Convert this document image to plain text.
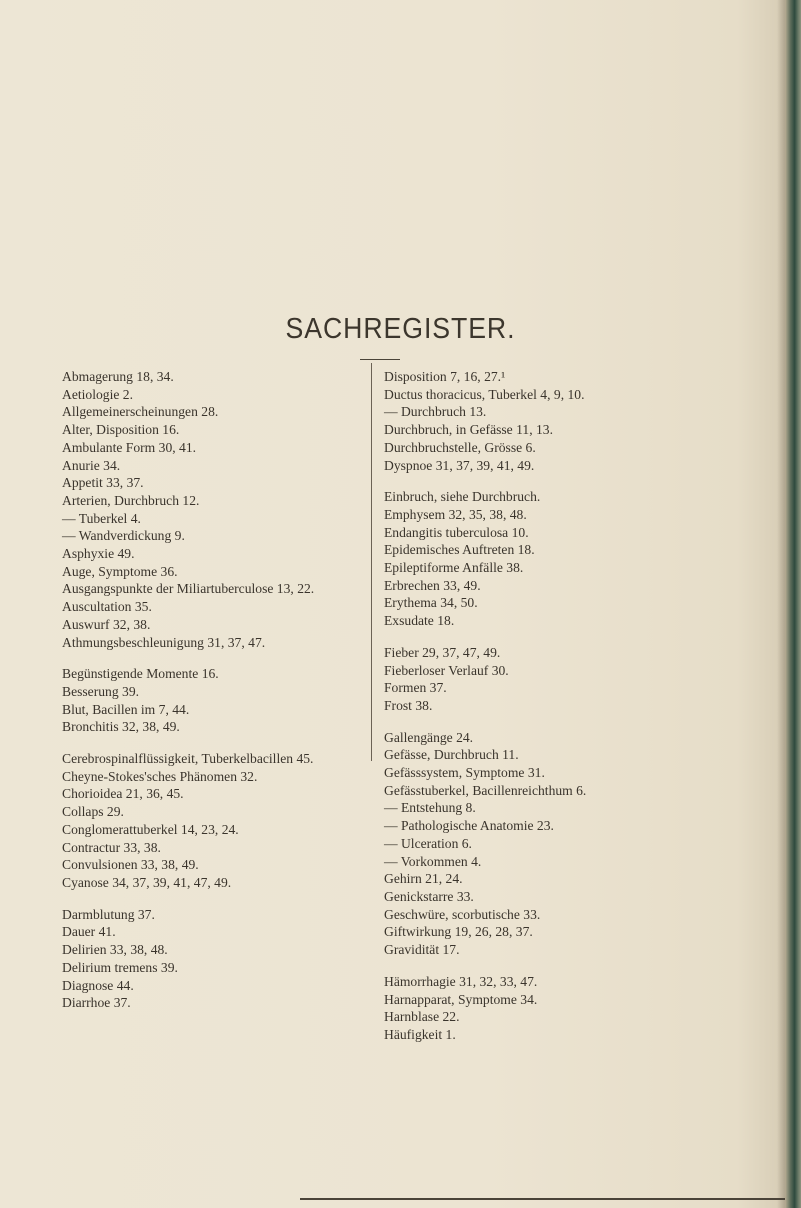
SACHREGISTER.
Abmagerung 18, 34.
Aetiologie 2.
Allgemeinerscheinungen 28.
Alter, Disposition 16.
Ambulante Form 30, 41.
Anurie 34.
Appetit 33, 37.
Arterien, Durchbruch 12.
— Tuberkel 4.
— Wandverdickung 9.
Asphyxie 49.
Auge, Symptome 36.
Ausgangspunkte der Miliartuberculose 13, 22.
Auscultation 35.
Auswurf 32, 38.
Athmungsbeschleunigung 31, 37, 47.
Begünstigende Momente 16.
Besserung 39.
Blut, Bacillen im 7, 44.
Bronchitis 32, 38, 49.
Cerebrospinalflüssigkeit, Tuberkelbacillen 45.
Cheyne-Stokes'sches Phänomen 32.
Chorioidea 21, 36, 45.
Collaps 29.
Conglomerattuberkel 14, 23, 24.
Contractur 33, 38.
Convulsionen 33, 38, 49.
Cyanose 34, 37, 39, 41, 47, 49.
Darmblutung 37.
Dauer 41.
Delirien 33, 38, 48.
Delirium tremens 39.
Diagnose 44.
Diarrhoe 37.
Disposition 7, 16, 27.¹
Ductus thoracicus, Tuberkel 4, 9, 10.
— Durchbruch 13.
Durchbruch, in Gefässe 11, 13.
Durchbruchstelle, Grösse 6.
Dyspnoe 31, 37, 39, 41, 49.
Einbruch, siehe Durchbruch.
Emphysem 32, 35, 38, 48.
Endangitis tuberculosa 10.
Epidemisches Auftreten 18.
Epileptiforme Anfälle 38.
Erbrechen 33, 49.
Erythema 34, 50.
Exsudate 18.
Fieber 29, 37, 47, 49.
Fieberloser Verlauf 30.
Formen 37.
Frost 38.
Gallengänge 24.
Gefässe, Durchbruch 11.
Gefässsystem, Symptome 31.
Gefässtuberkel, Bacillenreichthum 6.
— Entstehung 8.
— Pathologische Anatomie 23.
— Ulceration 6.
— Vorkommen 4.
Gehirn 21, 24.
Genickstarre 33.
Geschwüre, scorbutische 33.
Giftwirkung 19, 26, 28, 37.
Gravidität 17.
Hämorrhagie 31, 32, 33, 47.
Harnapparat, Symptome 34.
Harnblase 22.
Häufigkeit 1.
